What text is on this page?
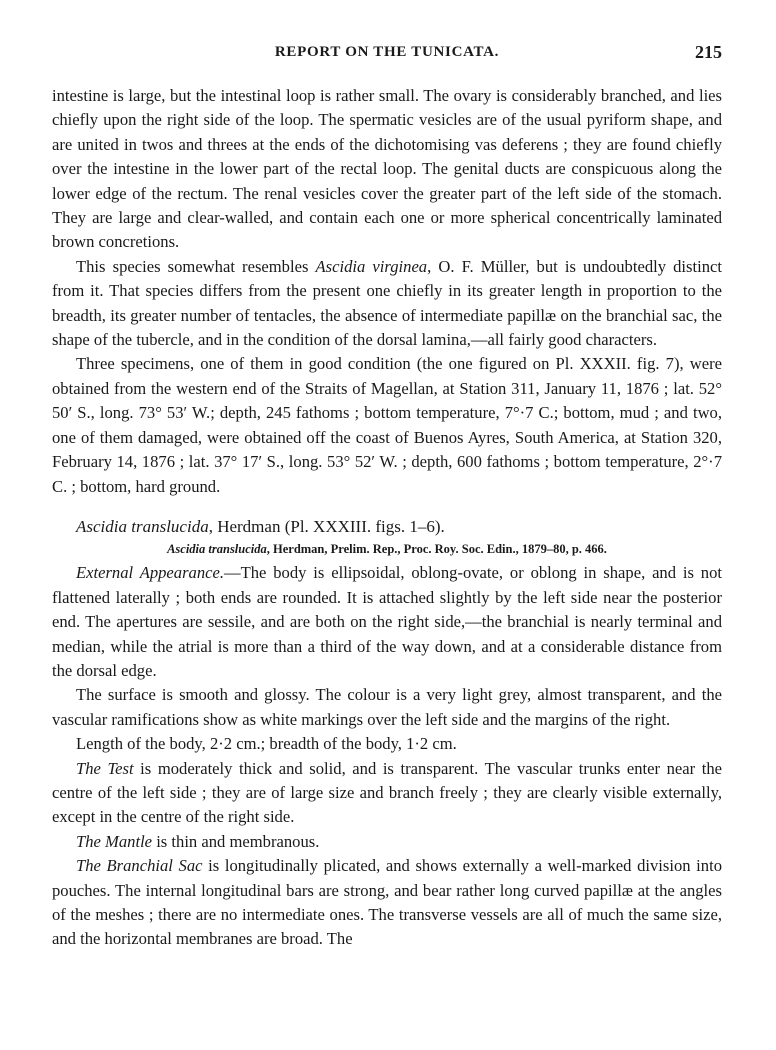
REPORT ON THE TUNICATA.	215

intestine is large, but the intestinal loop is rather small. The ovary is considerably branched, and lies chiefly upon the right side of the loop. The spermatic vesicles are of the usual pyriform shape, and are united in twos and threes at the ends of the dichotomising vas deferens ; they are found chiefly over the intestine in the lower part of the rectal loop. The genital ducts are conspicuous along the lower edge of the rectum. The renal vesicles cover the greater part of the left side of the stomach. They are large and clear-walled, and contain each one or more spherical concentrically laminated brown concretions.

This species somewhat resembles Ascidia virginea, O. F. Müller, but is undoubtedly distinct from it. That species differs from the present one chiefly in its greater length in proportion to the breadth, its greater number of tentacles, the absence of intermediate papillæ on the branchial sac, the shape of the tubercle, and in the condition of the dorsal lamina,—all fairly good characters.

Three specimens, one of them in good condition (the one figured on Pl. XXXII. fig. 7), were obtained from the western end of the Straits of Magellan, at Station 311, January 11, 1876 ; lat. 52° 50′ S., long. 73° 53′ W.; depth, 245 fathoms ; bottom temperature, 7°·7 C.; bottom, mud ; and two, one of them damaged, were obtained off the coast of Buenos Ayres, South America, at Station 320, February 14, 1876 ; lat. 37° 17′ S., long. 53° 52′ W. ; depth, 600 fathoms ; bottom temperature, 2°·7 C. ; bottom, hard ground.

Ascidia translucida, Herdman (Pl. XXXIII. figs. 1–6).

Ascidia translucida, Herdman, Prelim. Rep., Proc. Roy. Soc. Edin., 1879–80, p. 466.

External Appearance.—The body is ellipsoidal, oblong-ovate, or oblong in shape, and is not flattened laterally ; both ends are rounded. It is attached slightly by the left side near the posterior end. The apertures are sessile, and are both on the right side,—the branchial is nearly terminal and median, while the atrial is more than a third of the way down, and at a considerable distance from the dorsal edge.

The surface is smooth and glossy. The colour is a very light grey, almost transparent, and the vascular ramifications show as white markings over the left side and the margins of the right.

Length of the body, 2·2 cm.; breadth of the body, 1·2 cm.

The Test is moderately thick and solid, and is transparent. The vascular trunks enter near the centre of the left side ; they are of large size and branch freely ; they are clearly visible externally, except in the centre of the right side.

The Mantle is thin and membranous.

The Branchial Sac is longitudinally plicated, and shows externally a well-marked division into pouches. The internal longitudinal bars are strong, and bear rather long curved papillæ at the angles of the meshes ; there are no intermediate ones. The transverse vessels are all of much the same size, and the horizontal membranes are broad. The
